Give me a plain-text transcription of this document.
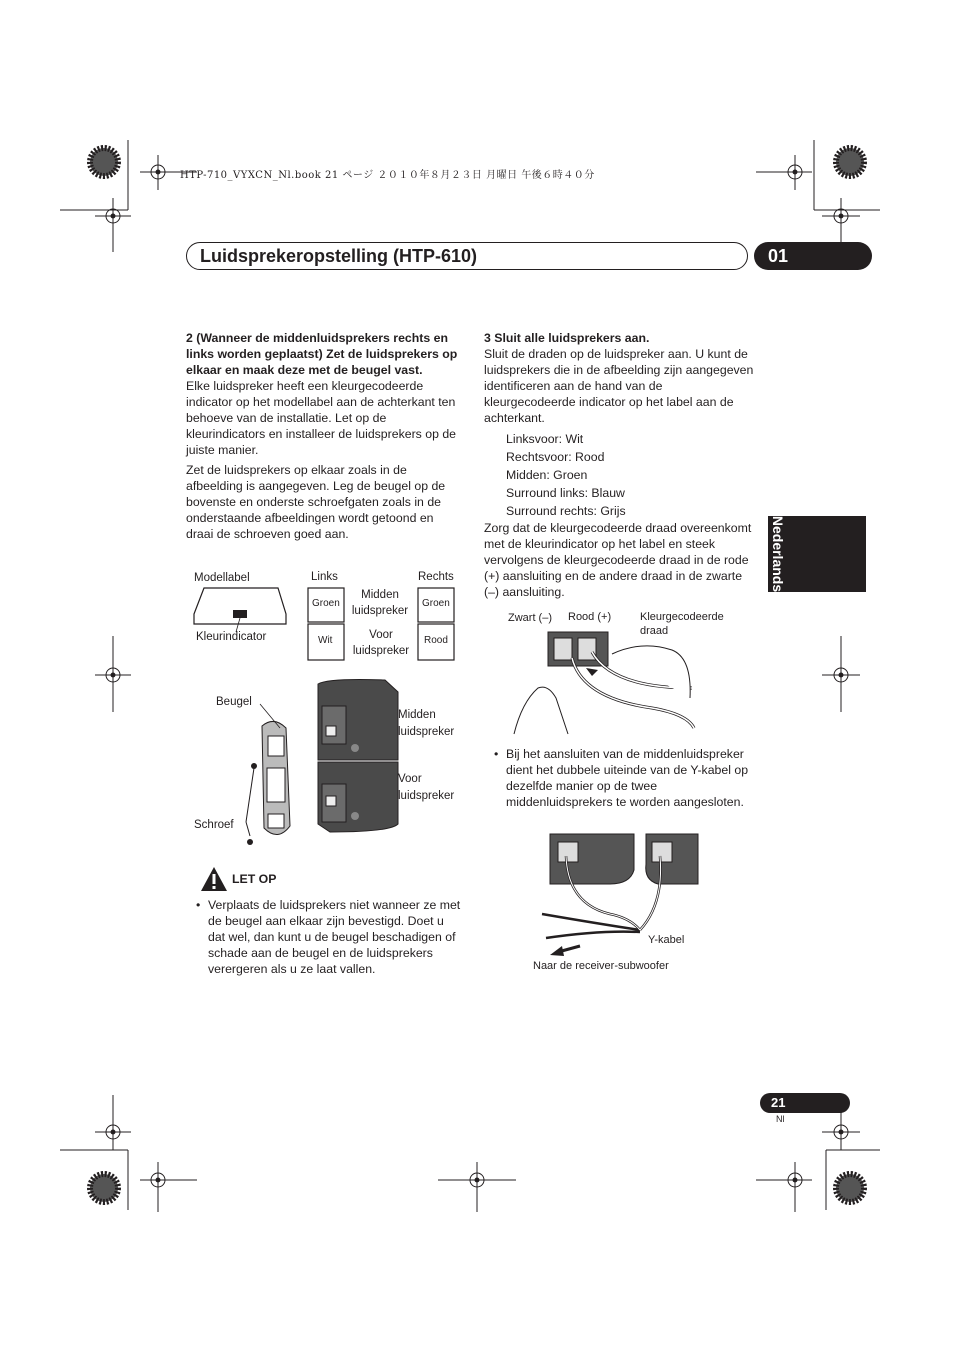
HTP-710_VYXCN_Nl.book 21 ページ ２０１０年８月２３日 月曜日 午後６時４０分
Luidsprekeropstelling (HTP-610)	01
Nederlands

2 (Wanneer de middenluidsprekers rechts en links worden geplaatst) Zet de luidsprekers op elkaar en maak deze met de beugel vast.

Elke luidspreker heeft een kleurgecodeerde indicator op het modellabel aan de achterkant ten behoeve van de installatie. Let op de kleurindicators en installeer de luidsprekers op de juiste manier.

Zet de luidsprekers op elkaar zoals in de afbeelding is aangegeven. Leg de beugel op de bovenste en onderste schroefgaten zoals in de onderstaande afbeeldingen wordt getoond en draai de schroeven goed aan.

Modellabel
Kleurindicator
Links	Rechts
Midden luidspreker
Voor luidspreker
Groen
Wit
Groen
Rood
Beugel
Schroef
Midden luidspreker
Voor luidspreker
LET OP
• Verplaats de luidsprekers niet wanneer ze met de beugel aan elkaar zijn bevestigd. Doet u dat wel, dan kunt u de beugel beschadigen of schade aan de beugel en de luidsprekers verergeren als u ze laat vallen.

3 Sluit alle luidsprekers aan.

Sluit de draden op de luidspreker aan. U kunt de luidsprekers die in de afbeelding zijn aangegeven identificeren aan de hand van de kleurgecodeerde indicator op het label aan de achterkant.

Linksvoor: Wit

Rechtsvoor: Rood

Midden: Groen

Surround links: Blauw

Surround rechts: Grijs

Zorg dat de kleurgecodeerde draad overeenkomt met de kleurindicator op het label en steek vervolgens de kleurgecodeerde draad in de rode (+) aansluiting en de andere draad in de zwarte (–) aansluiting.

Zwart (–) Rood (+)	Kleurgecodeerde draad
• Bij het aansluiten van de middenluidspreker dient het dubbele uiteinde van de Y-kabel op dezelfde manier op de twee middenluidsprekers te worden aangesloten.

Y-kabel
Naar de receiver-subwoofer
21
Nl
